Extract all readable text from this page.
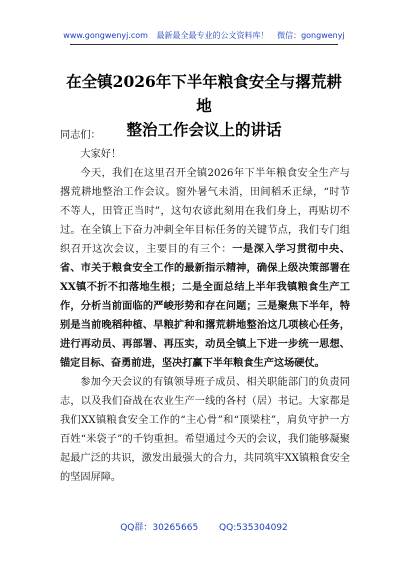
www.gongwenyj.com 最新最全最专业的公文资料库！ 微信：gongwenyj
在全镇2026年下半年粮食安全与撂荒耕地
整治工作会议上的讲话

同志们：

大家好！

今天，我们在这里召开全镇2026年下半年粮食安全生产与撂荒耕地整治工作会议。窗外暑气未消，田间稻禾正绿，“时节不等人，田管正当时”，这句农谚此刻用在我们身上，再贴切不过。在全镇上下奋力冲刺全年目标任务的关键节点，我们专门组织召开这次会议，主要目的有三个：一是深入学习贯彻中央、省、市关于粮食安全工作的最新指示精神，确保上级决策部署在XX镇不折不扣落地生根；二是全面总结上半年我镇粮食生产工作，分析当前面临的严峻形势和存在问题；三是聚焦下半年，特别是当前晚稻种植、早粮扩种和撂荒耕地整治这几项核心任务，进行再动员、再部署、再压实，动员全镇上下进一步统一思想、锚定目标、奋勇前进，坚决打赢下半年粮食生产这场硬仗。

参加今天会议的有镇领导班子成员、相关职能部门的负责同志，以及我们奋战在农业生产一线的各村（居）书记。大家都是我们XX镇粮食安全工作的“主心骨”和“顶梁柱”，肩负守护一方百姓“米袋子”的千钧重担。希望通过今天的会议，我们能够凝聚起最广泛的共识，激发出最强大的合力，共同筑牢XX镇粮食安全的坚固屏障。

QQ群：30265665 QQ:535304092
